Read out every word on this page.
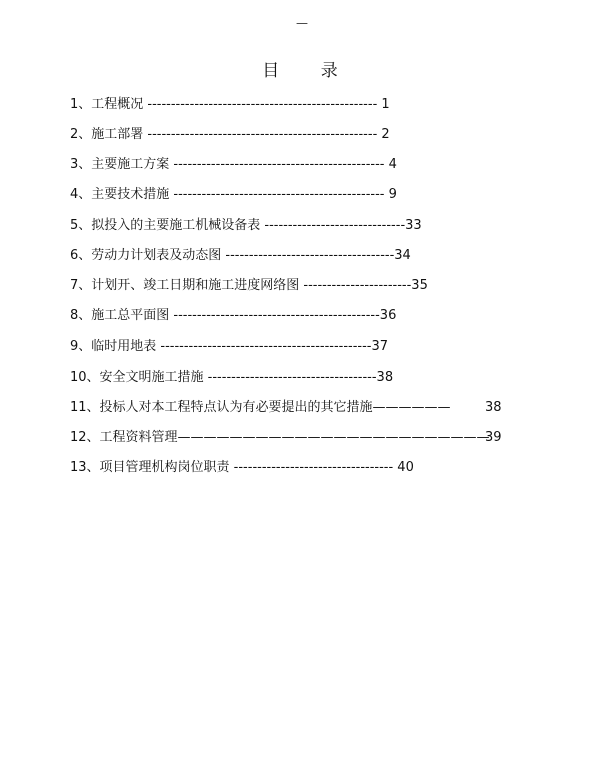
—
目 录
1、工程概况 ------------------------------------------------- 1
2、施工部署 ------------------------------------------------- 2
3、主要施工方案 --------------------------------------------- 4
4、主要技术措施 --------------------------------------------- 9
5、拟投入的主要施工机械设备表 ------------------------------33
6、劳动力计划表及动态图 ------------------------------------34
7、计划开、竣工日期和施工进度网络图 -----------------------35
8、施工总平面图 --------------------------------------------36
9、临时用地表 ---------------------------------------------37
10、安全文明施工措施 ------------------------------------38
11、投标人对本工程特点认为有必要提出的其它措施——————	38
12、工程资料管理————————————————————————
39
13、项目管理机构岗位职责 ---------------------------------- 40
